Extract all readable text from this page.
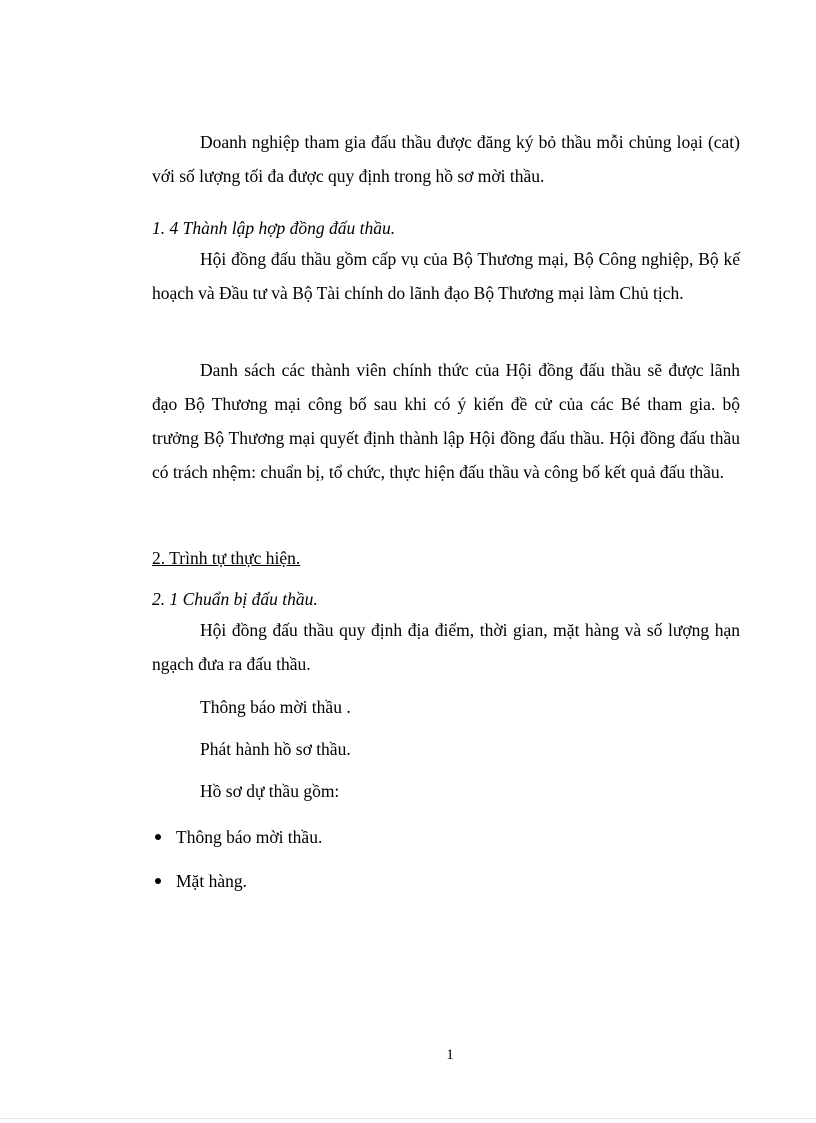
Doanh nghiệp tham gia đấu thầu được đăng ký bỏ thầu mỗi chủng loại (cat) với số lượng tối đa được quy định trong hồ sơ mời thầu.

1. 4 Thành lập hợp đồng đấu thầu.

Hội đồng đấu thầu gồm cấp vụ của Bộ Thương mại, Bộ Công nghiệp, Bộ kế hoạch và Đầu tư và Bộ Tài chính do lãnh đạo Bộ Thương mại làm Chủ tịch.

Danh sách các thành viên chính thức của Hội đồng đấu thầu sẽ được lãnh đạo Bộ Thương mại công bố sau khi có ý kiến đề cử của các Bé tham gia. bộ trưởng Bộ Thương mại quyết định thành lập Hội đồng đấu thầu. Hội đồng đấu thầu có trách nhệm: chuẩn bị, tổ chức, thực hiện đấu thầu và công bố kết quả đấu thầu.

2. Trình tự thực hiện.

2. 1 Chuẩn bị đấu thầu.

Hội đồng đấu thầu quy định địa điểm, thời gian, mặt hàng và số lượng hạn ngạch đưa ra đấu thầu.

Thông báo mời thầu .

Phát hành hồ sơ thầu.

Hồ sơ dự thầu gồm:

Thông báo mời thầu.
Mặt hàng.
1
